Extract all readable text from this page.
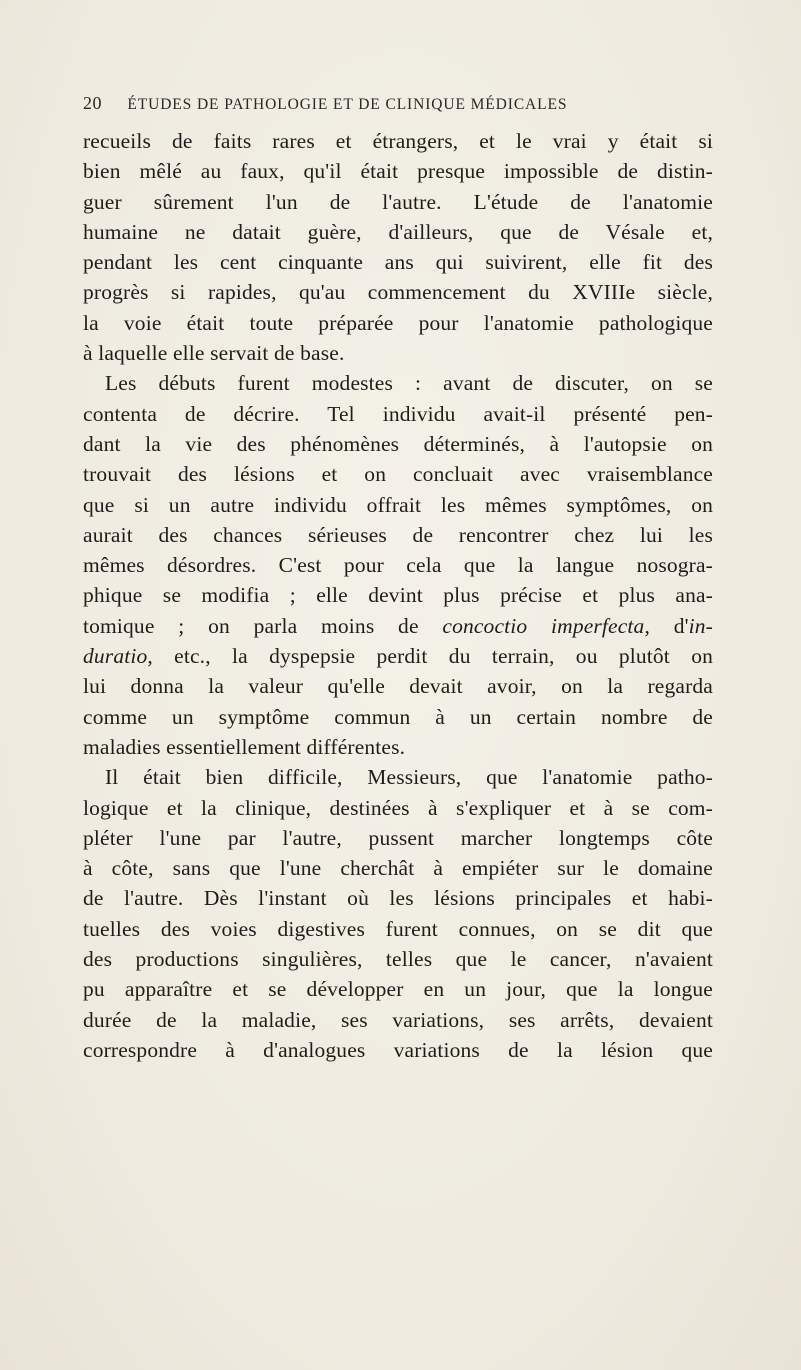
20 ÉTUDES DE PATHOLOGIE ET DE CLINIQUE MÉDICALES
recueils de faits rares et étrangers, et le vrai y était si
bien mêlé au faux, qu'il était presque impossible de distin-
guer sûrement l'un de l'autre. L'étude de l'anatomie
humaine ne datait guère, d'ailleurs, que de Vésale et,
pendant les cent cinquante ans qui suivirent, elle fit des
progrès si rapides, qu'au commencement du XVIIIe siècle,
la voie était toute préparée pour l'anatomie pathologique
à laquelle elle servait de base.
Les débuts furent modestes : avant de discuter, on se
contenta de décrire. Tel individu avait-il présenté pen-
dant la vie des phénomènes déterminés, à l'autopsie on
trouvait des lésions et on concluait avec vraisemblance
que si un autre individu offrait les mêmes symptômes, on
aurait des chances sérieuses de rencontrer chez lui les
mêmes désordres. C'est pour cela que la langue nosogra-
phique se modifia ; elle devint plus précise et plus ana-
tomique ; on parla moins de concoctio imperfecta, d'in-
duratio, etc., la dyspepsie perdit du terrain, ou plutôt on
lui donna la valeur qu'elle devait avoir, on la regarda
comme un symptôme commun à un certain nombre de
maladies essentiellement différentes.
Il était bien difficile, Messieurs, que l'anatomie patho-
logique et la clinique, destinées à s'expliquer et à se com-
pléter l'une par l'autre, pussent marcher longtemps côte
à côte, sans que l'une cherchât à empiéter sur le domaine
de l'autre. Dès l'instant où les lésions principales et habi-
tuelles des voies digestives furent connues, on se dit que
des productions singulières, telles que le cancer, n'avaient
pu apparaître et se développer en un jour, que la longue
durée de la maladie, ses variations, ses arrêts, devaient
correspondre à d'analogues variations de la lésion que
